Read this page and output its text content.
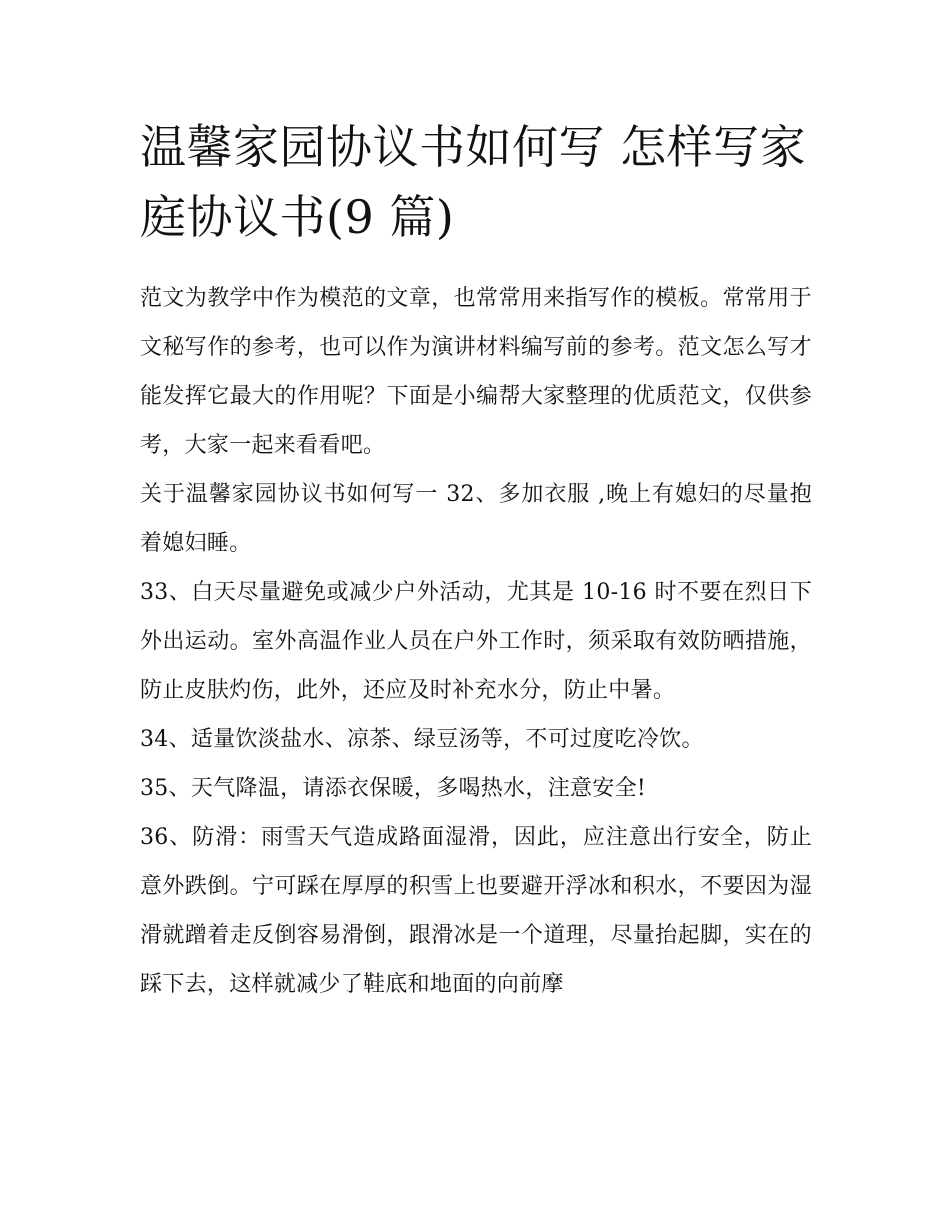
温馨家园协议书如何写 怎样写家庭协议书(9 篇)

范文为教学中作为模范的文章，也常常用来指写作的模板。常常用于文秘写作的参考，也可以作为演讲材料编写前的参考。范文怎么写才能发挥它最大的作用呢？下面是小编帮大家整理的优质范文，仅供参考，大家一起来看看吧。

关于温馨家园协议书如何写一 32、多加衣服 ,晚上有媳妇的尽量抱着媳妇睡。

33、白天尽量避免或减少户外活动，尤其是 10-16 时不要在烈日下外出运动。室外高温作业人员在户外工作时，须采取有效防晒措施，防止皮肤灼伤，此外，还应及时补充水分，防止中暑。

34、适量饮淡盐水、凉茶、绿豆汤等，不可过度吃冷饮。

35、天气降温，请添衣保暖，多喝热水，注意安全!

36、防滑：雨雪天气造成路面湿滑，因此，应注意出行安全，防止意外跌倒。宁可踩在厚厚的积雪上也要避开浮冰和积水，不要因为湿滑就蹭着走反倒容易滑倒，跟滑冰是一个道理，尽量抬起脚，实在的踩下去，这样就减少了鞋底和地面的向前摩
